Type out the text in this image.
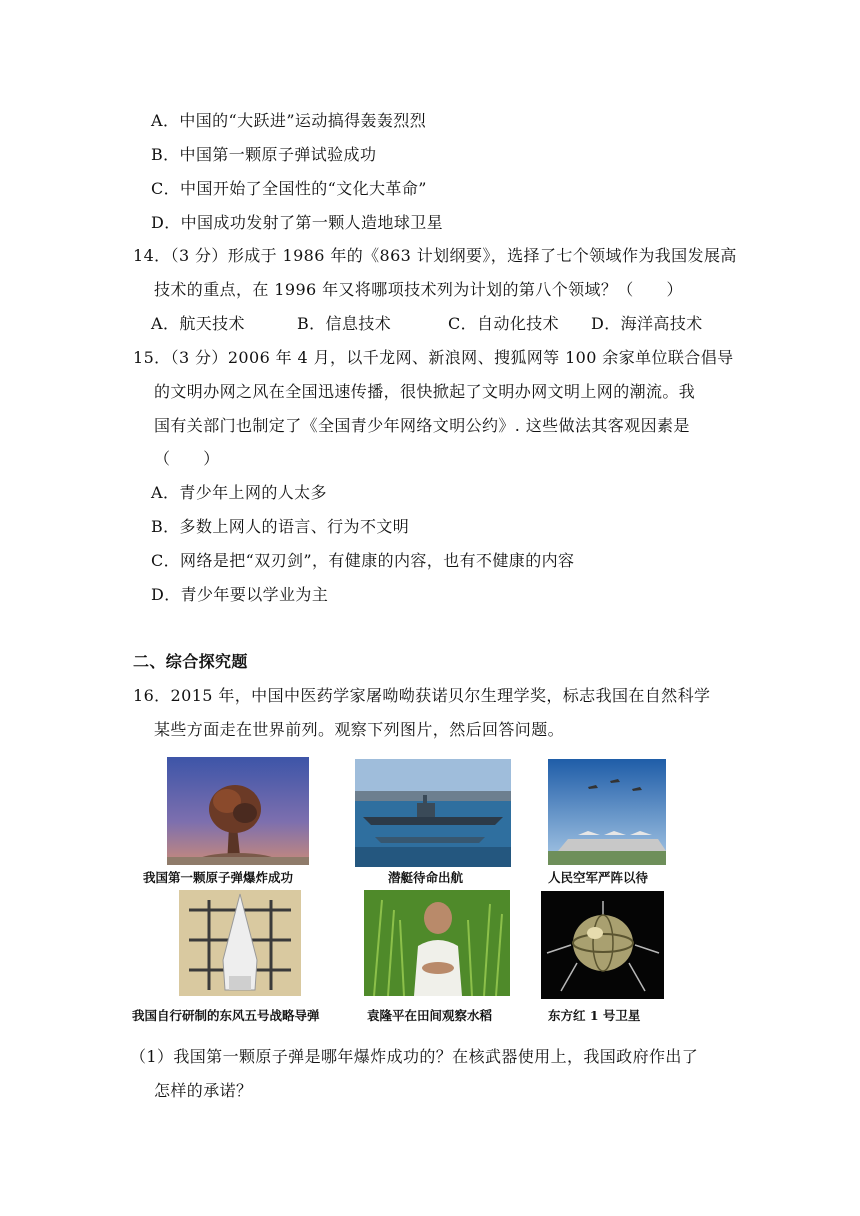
A．中国的“大跃进”运动搞得轰轰烈烈
B．中国第一颗原子弹试验成功
C．中国开始了全国性的“文化大革命”
D．中国成功发射了第一颗人造地球卫星
14．（3 分）形成于 1986 年的《863 计划纲要》，选择了七个领域作为我国发展高
技术的重点，在 1996 年又将哪项技术列为计划的第八个领域？（　　）
A．航天技术	B．信息技术	C．自动化技术 D．海洋高技术
15．（3 分）2006 年 4 月，以千龙网、新浪网、搜狐网等 100 余家单位联合倡导
的文明办网之风在全国迅速传播，很快掀起了文明办网文明上网的潮流。我
国有关部门也制定了《全国青少年网络文明公约》. 这些做法其客观因素是
（　　）
A．青少年上网的人太多
B．多数上网人的语言、行为不文明
C．网络是把“双刃剑”，有健康的内容，也有不健康的内容
D．青少年要以学业为主
二、综合探究题
16．2015 年，中国中医药学家屠呦呦获诺贝尔生理学奖，标志我国在自然科学
某些方面走在世界前列。观察下列图片，然后回答问题。
我国第一颗原子弹爆炸成功	潜艇待命出航	人民空军严阵以待
我国自行研制的东风五号战略导弹	袁隆平在田间观察水稻	东方红 1 号卫星
（1）我国第一颗原子弹是哪年爆炸成功的？在核武器使用上，我国政府作出了
怎样的承诺？
